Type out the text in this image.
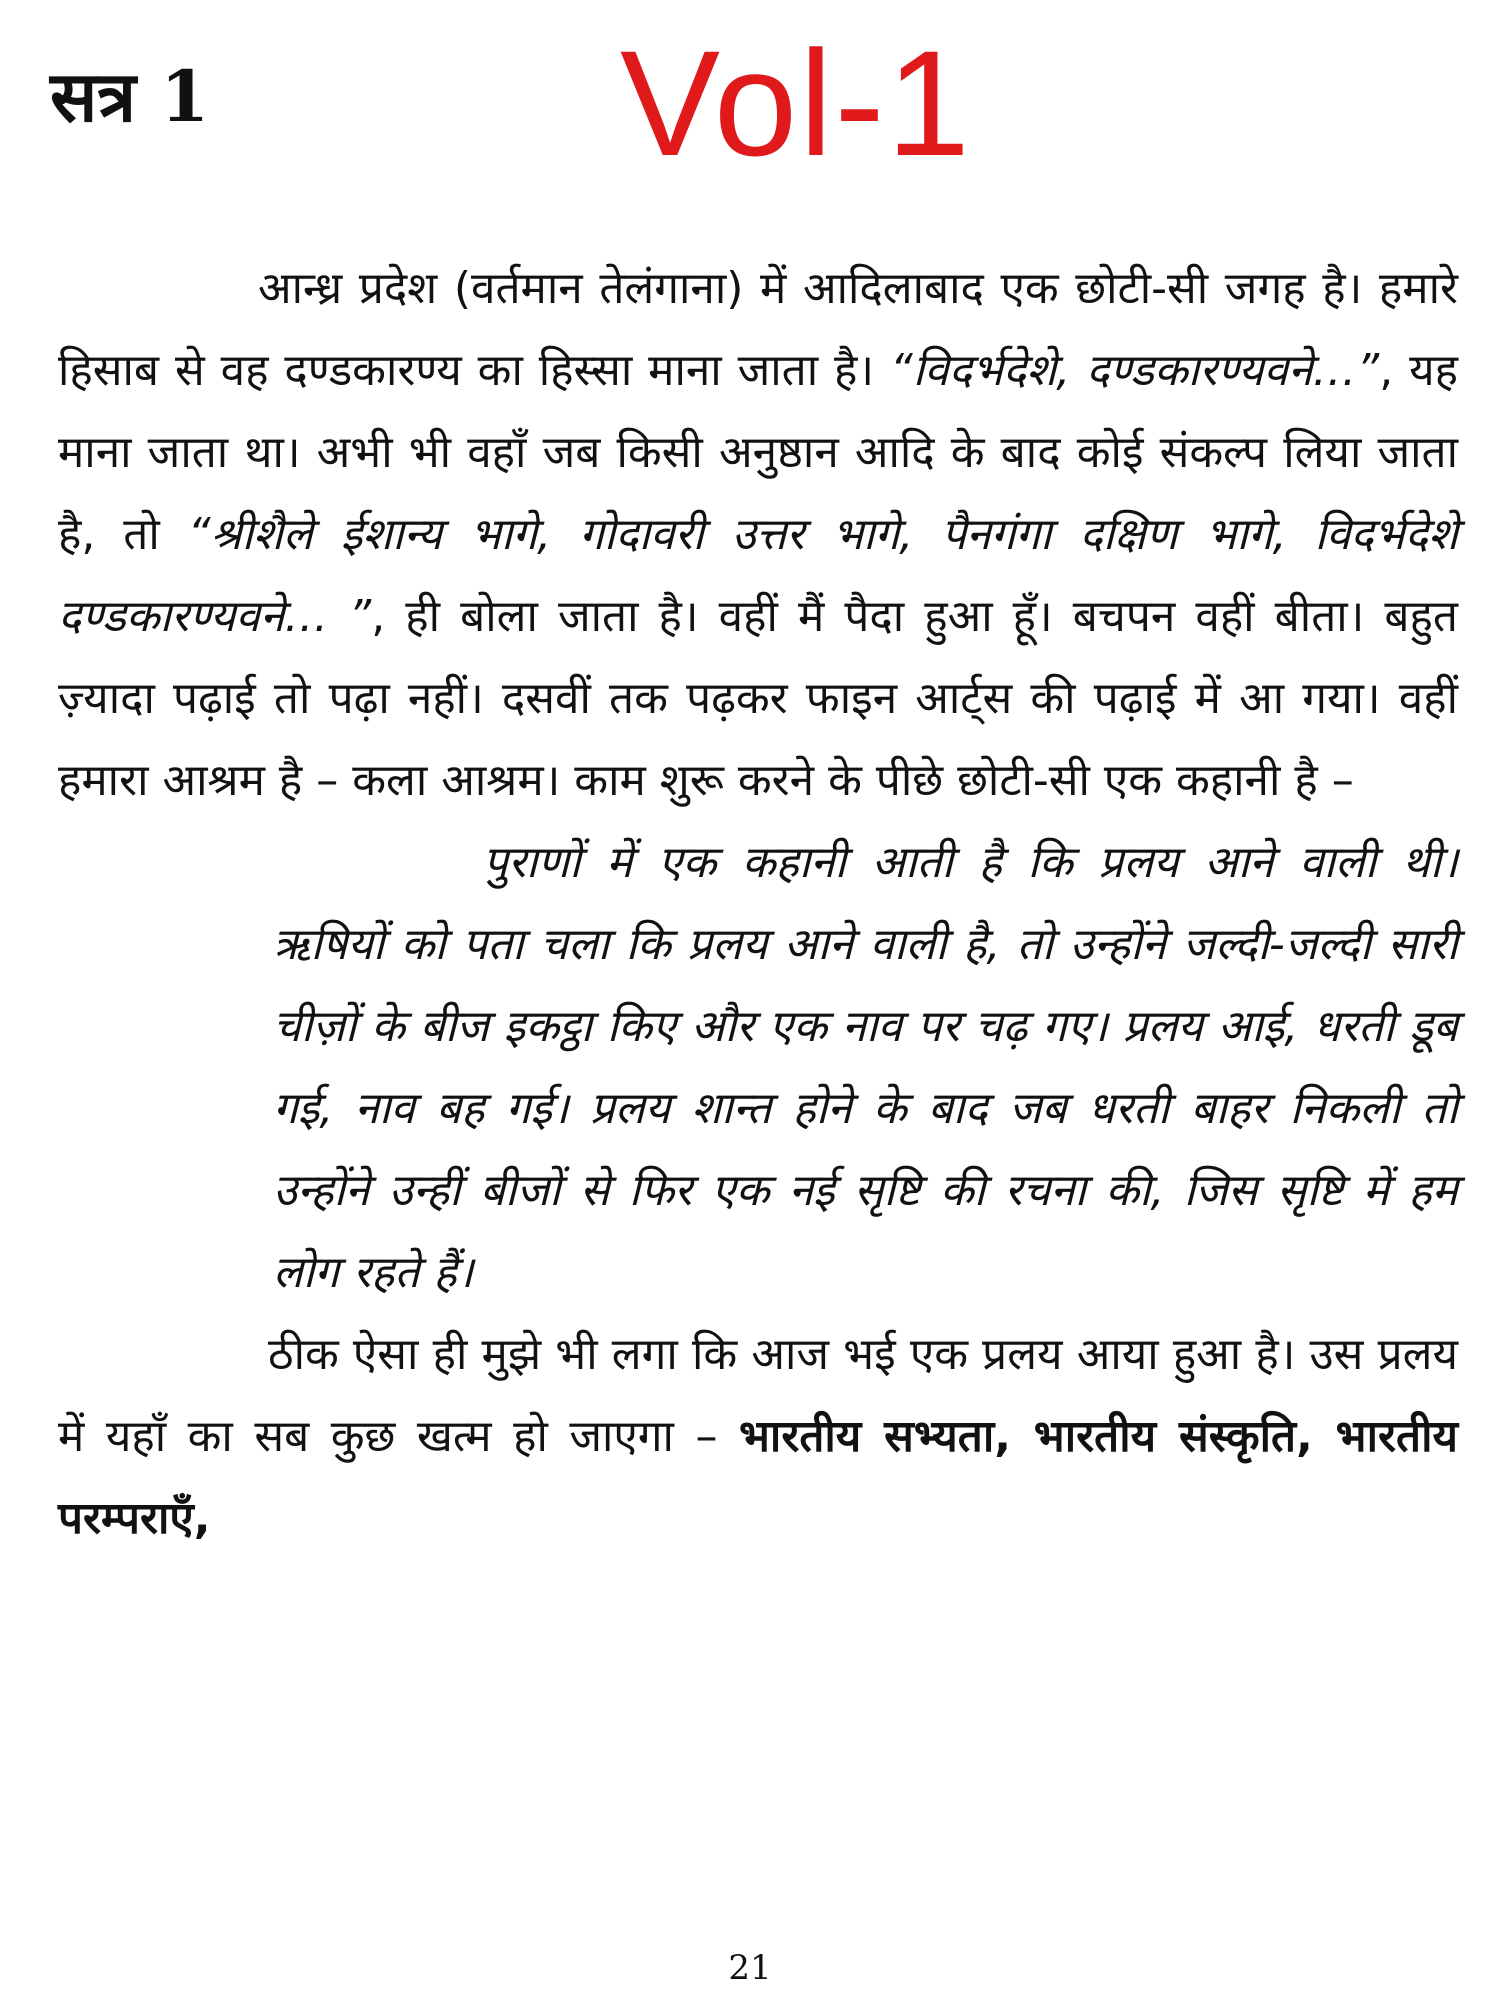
सत्र 1	Vol-1

आन्ध्र प्रदेश (वर्तमान तेलंगाना) में आदिलाबाद एक छोटी-सी जगह है। हमारे हिसाब से वह दण्डकारण्य का हिस्सा माना जाता है। “विदर्भदेशे, दण्डकारण्यवने…”, यह माना जाता था। अभी भी वहाँ जब किसी अनुष्ठान आदि के बाद कोई संकल्प लिया जाता है, तो “श्रीशैले ईशान्य भागे, गोदावरी उत्तर भागे, पैनगंगा दक्षिण भागे, विदर्भदेशे दण्डकारण्यवने… ”, ही बोला जाता है। वहीं मैं पैदा हुआ हूँ। बचपन वहीं बीता। बहुत ज़्यादा पढ़ाई तो पढ़ा नहीं। दसवीं तक पढ़कर फाइन आर्ट्स की पढ़ाई में आ गया। वहीं हमारा आश्रम है – कला आश्रम। काम शुरू करने के पीछे छोटी-सी एक कहानी है –

पुराणों में एक कहानी आती है कि प्रलय आने वाली थी। ऋषियों को पता चला कि प्रलय आने वाली है, तो उन्होंने जल्दी-जल्दी सारी चीज़ों के बीज इकट्ठा किए और एक नाव पर चढ़ गए। प्रलय आई, धरती डूब गई, नाव बह गई। प्रलय शान्त होने के बाद जब धरती बाहर निकली तो उन्होंने उन्हीं बीजों से फिर एक नई सृष्टि की रचना की, जिस सृष्टि में हम लोग रहते हैं।

ठीक ऐसा ही मुझे भी लगा कि आज भई एक प्रलय आया हुआ है। उस प्रलय में यहाँ का सब कुछ खत्म हो जाएगा – भारतीय सभ्यता, भारतीय संस्कृति, भारतीय परम्पराएँ,

21
